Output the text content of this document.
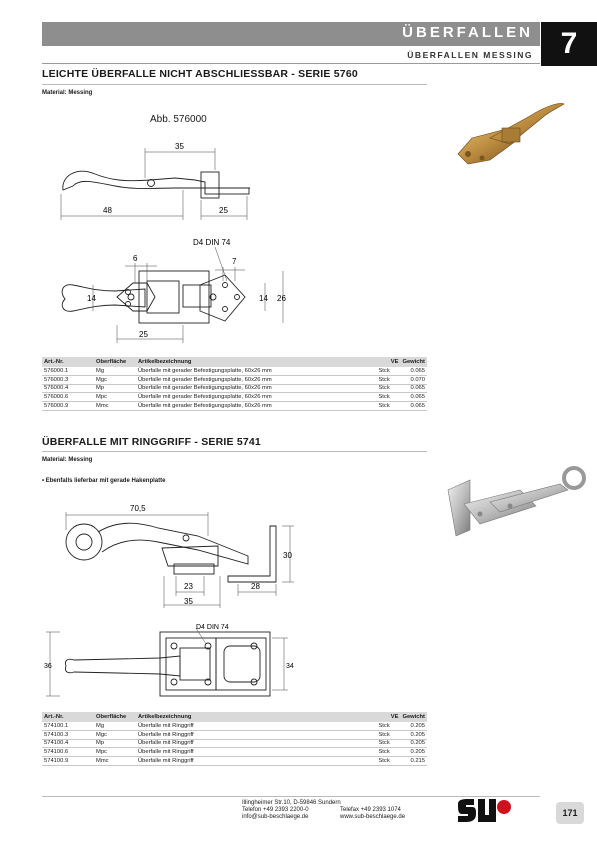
ÜBERFALLEN
ÜBERFALLEN MESSING 7
LEICHTE ÜBERFALLE NICHT ABSCHLIESSBAR - SERIE 5760
Material: Messing
Abb. 576000
35
48	25
6	7
D4 DIN 74
14 26
14
25
Art.-Nr.	Oberfläche	Artikelbezeichnung	VE	Gewicht
576000.1	Mg	Überfalle mit gerader Befestigungsplatte, 60x26 mm	Stck	0.065
576000.3	Mgc	Überfalle mit gerader Befestigungsplatte, 60x26 mm	Stck	0.070
576000.4	Mp	Überfalle mit gerader Befestigungsplatte, 60x26 mm	Stck	0.065
576000.6	Mpc	Überfalle mit gerader Befestigungsplatte, 60x26 mm	Stck	0.065
576000.9	Mmc	Überfalle mit gerader Befestigungsplatte, 60x26 mm	Stck	0.065
ÜBERFALLE MIT RINGGRIFF - SERIE 5741
Material: Messing
• Ebenfalls lieferbar mit gerade Hakenplatte
70,5
30
23	28
35
36	34
D4 DIN 74
Art.-Nr.	Oberfläche	Artikelbezeichnung	VE	Gewicht
574100.1	Mg	Überfalle mit Ringgriff	Stck	0.205
574100.3	Mgc	Überfalle mit Ringgriff	Stck	0.205
574100.4	Mp	Überfalle mit Ringgriff	Stck	0.205
574100.6	Mpc	Überfalle mit Ringgriff	Stck	0.205
574100.9	Mmc	Überfalle mit Ringgriff	Stck	0.215
Illingheimer Str.10, D-59846 Sundern
Telefon +49 2393 2200-0	Telefax +49 2393 1074
info@sub-beschlaege.de	www.sub-beschlaege.de	171
